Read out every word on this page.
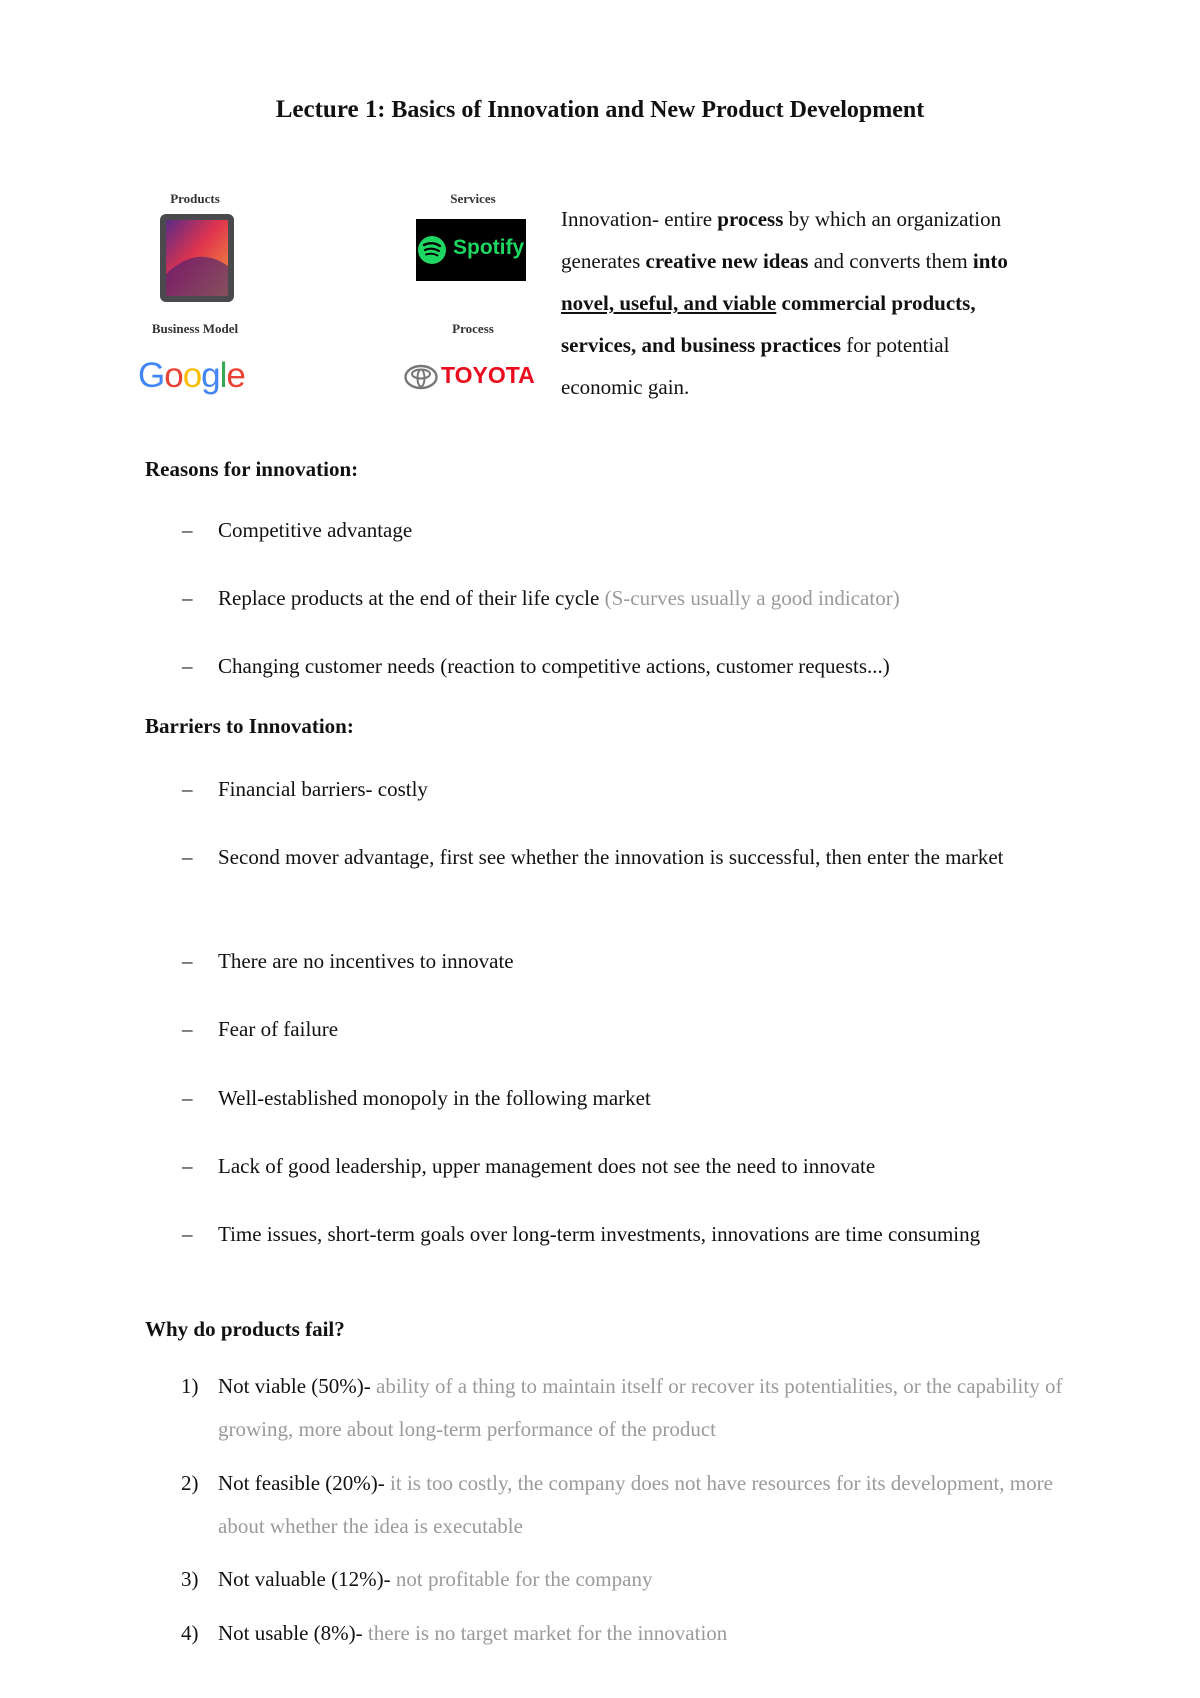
Lecture 1: Basics of Innovation and New Product Development
Products	Services
Business Model	Process
Spotify
Google	TOYOTA
Innovation- entire process by which an organization generates creative new ideas and converts them into novel, useful, and viable commercial products, services, and business practices for potential economic gain.
Reasons for innovation:
– Competitive advantage
– Replace products at the end of their life cycle (S-curves usually a good indicator)
– Changing customer needs (reaction to competitive actions, customer requests...)
Barriers to Innovation:
– Financial barriers- costly
– Second mover advantage, first see whether the innovation is successful, then enter the market
– There are no incentives to innovate
– Fear of failure
– Well-established monopoly in the following market
– Lack of good leadership, upper management does not see the need to innovate
– Time issues, short-term goals over long-term investments, innovations are time consuming
Why do products fail?
1) Not viable (50%)- ability of a thing to maintain itself or recover its potentialities, or the capability of growing, more about long-term performance of the product
2) Not feasible (20%)- it is too costly, the company does not have resources for its development, more about whether the idea is executable
3) Not valuable (12%)- not profitable for the company
4) Not usable (8%)- there is no target market for the innovation
